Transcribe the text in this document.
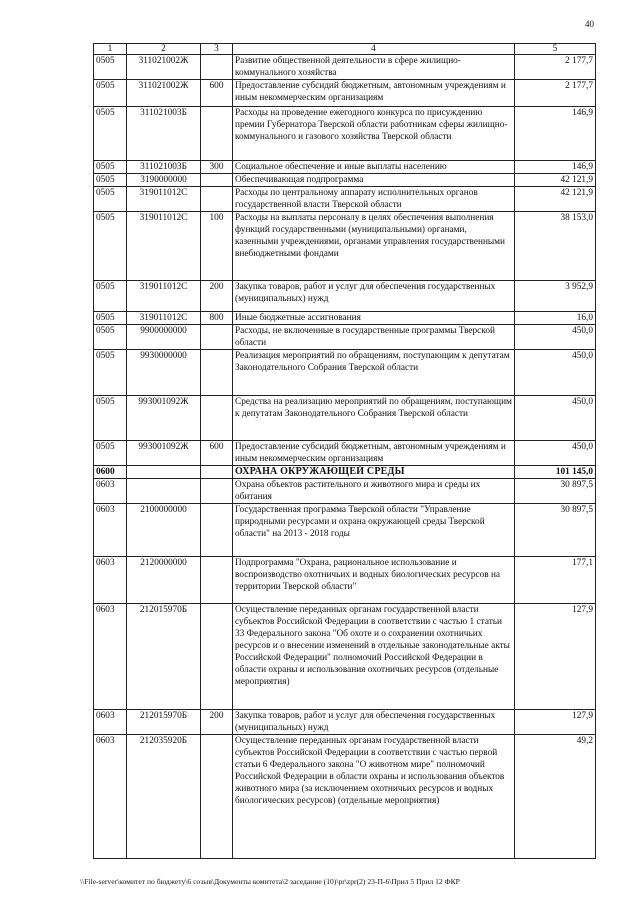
40
1	2	3	4	5
0505	311021002Ж		Развитие общественной деятельности в сфере жилищно-коммунального хозяйства	2 177,7
0505	311021002Ж	600	Предоставление субсидий бюджетным, автономным учреждениям и иным некоммерческим организациям	2 177,7
0505	311021003Б		Расходы на проведение ежегодного конкурса по присуждению премии Губернатора Тверской области работникам сферы жилищно-коммунального и газового хозяйства Тверской области	146,9
0505	311021003Б	300	Социальное обеспечение и иные выплаты населению	146,9
0505	3190000000		Обеспечивающая подпрограмма	42 121,9
0505	319011012С		Расходы по центральному аппарату исполнительных органов государственной власти Тверской области	42 121,9
0505	319011012С	100	Расходы на выплаты персоналу в целях обеспечения выполнения функций государственными (муниципальными) органами, казенными учреждениями, органами управления государственными внебюджетными фондами	38 153,0
0505	319011012С	200	Закупка товаров, работ и услуг для обеспечения государственных (муниципальных) нужд	3 952,9
0505	319011012С	800	Иные бюджетные ассигнования	16,0
0505	9900000000		Расходы, не включенные в государственные программы Тверской области	450,0
0505	9930000000		Реализация мероприятий по обращениям, поступающим к депутатам Законодательного Собрания Тверской области	450,0
0505	993001092Ж		Средства на реализацию мероприятий по обращениям, поступающим к депутатам Законодательного Собрания Тверской области	450,0
0505	993001092Ж	600	Предоставление субсидий бюджетным, автономным учреждениям и иным некоммерческим организациям	450,0
0600			ОХРАНА ОКРУЖАЮЩЕЙ СРЕДЫ	101 145,0
0603			Охрана объектов растительного и животного мира и среды их обитания	30 897,5
0603	2100000000		Государственная программа Тверской области "Управление природными ресурсами и охрана окружающей среды Тверской области" на 2013 - 2018 годы	30 897,5
0603	2120000000		Подпрограмма "Охрана, рациональное использование и воспроизводство охотничьих и водных биологических ресурсов на территории Тверской области"	177,1
0603	212015970Б		Осуществление переданных органам государственной власти субъектов Российской Федерации в соответствии с частью 1 статьи 33 Федерального закона "Об охоте и о сохранении охотничьих ресурсов и о внесении изменений в отдельные законодательные акты Российской Федерации" полномочий Российской Федерации в области охраны и использования охотничьих ресурсов (отдельные мероприятия)	127,9
0603	212015970Б	200	Закупка товаров, работ и услуг для обеспечения государственных (муниципальных) нужд	127,9
0603	212035920Б		Осуществление переданных органам государственной власти субъектов Российской Федерации в соответствии с частью первой статьи 6 Федерального закона "О животном мире" полномочий Российской Федерации в области охраны и использования объектов животного мира (за исключением охотничьих ресурсов и водных биологических ресурсов) (отдельные мероприятия)	49,2
\\File-server\комитет по бюджету\6 созыв\Документы комитета\2 заседание (10)\pr\zpr(2) 23-П-6\Прил 5 Прил 12 ФКР
